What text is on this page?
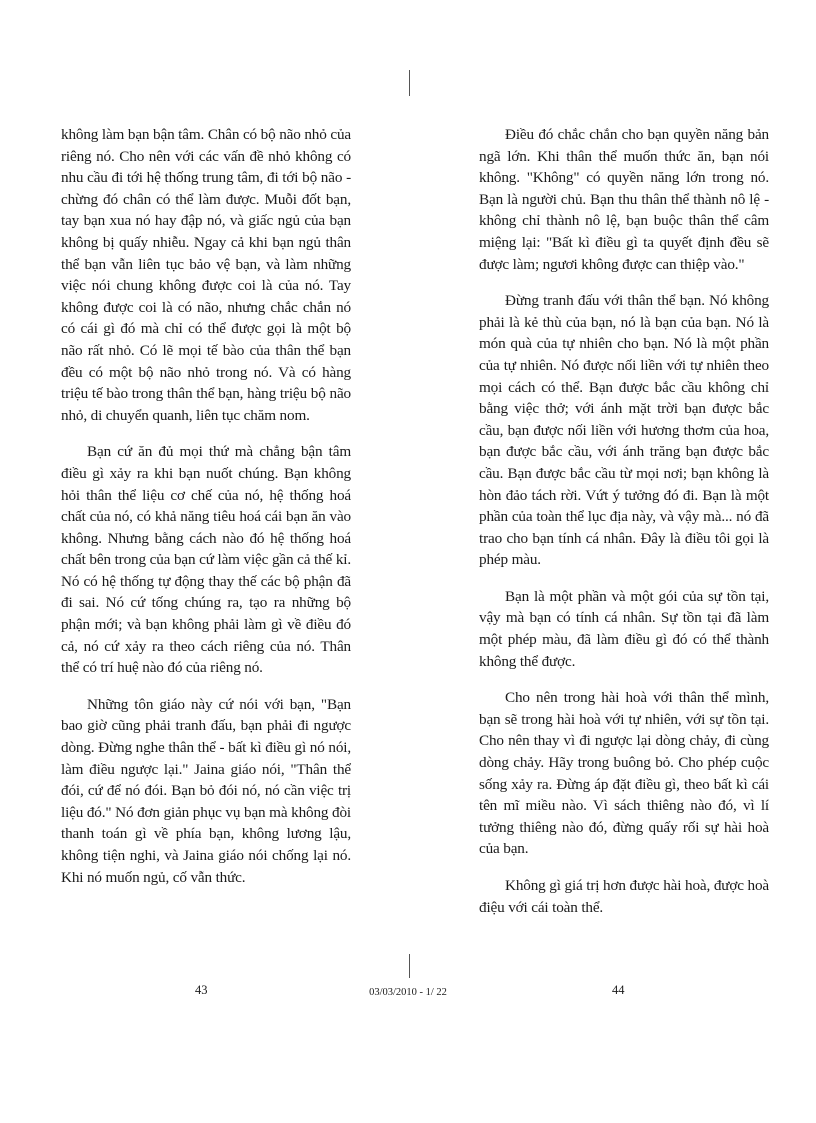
không làm bạn bận tâm. Chân có bộ não nhỏ của riêng nó. Cho nên với các vấn đề nhỏ không có nhu cầu đi tới hệ thống trung tâm, đi tới bộ não - chừng đó chân có thể làm được. Muỗi đốt bạn, tay bạn xua nó hay đập nó, và giấc ngủ của bạn không bị quấy nhiễu. Ngay cả khi bạn ngủ thân thể bạn vẫn liên tục bảo vệ bạn, và làm những việc nói chung không được coi là của nó. Tay không được coi là có não, nhưng chắc chắn nó có cái gì đó mà chỉ có thể được gọi là một bộ não rất nhỏ. Có lẽ mọi tế bào của thân thể bạn đều có một bộ não nhỏ trong nó. Và có hàng triệu tế bào trong thân thể bạn, hàng triệu bộ não nhỏ, di chuyển quanh, liên tục chăm nom.

Bạn cứ ăn đủ mọi thứ mà chẳng bận tâm điều gì xảy ra khi bạn nuốt chúng. Bạn không hỏi thân thể liệu cơ chế của nó, hệ thống hoá chất của nó, có khả năng tiêu hoá cái bạn ăn vào không. Nhưng bằng cách nào đó hệ thống hoá chất bên trong của bạn cứ làm việc gần cả thế kỉ. Nó có hệ thống tự động thay thế các bộ phận đã đi sai. Nó cứ tống chúng ra, tạo ra những bộ phận mới; và bạn không phải làm gì về điều đó cả, nó cứ xảy ra theo cách riêng của nó. Thân thể có trí huệ nào đó của riêng nó.

Những tôn giáo này cứ nói với bạn, "Bạn bao giờ cũng phải tranh đấu, bạn phải đi ngược dòng. Đừng nghe thân thể - bất kì điều gì nó nói, làm điều ngược lại." Jaina giáo nói, "Thân thể đói, cứ để nó đói. Bạn bỏ đói nó, nó cần việc trị liệu đó." Nó đơn giản phục vụ bạn mà không đòi thanh toán gì về phía bạn, không lương lậu, không tiện nghi, và Jaina giáo nói chống lại nó. Khi nó muốn ngủ, cố vẫn thức.

Điều đó chắc chắn cho bạn quyền năng bản ngã lớn. Khi thân thể muốn thức ăn, bạn nói không. "Không" có quyền năng lớn trong nó. Bạn là người chủ. Bạn thu thân thể thành nô lệ - không chỉ thành nô lệ, bạn buộc thân thể câm miệng lại: "Bất kì điều gì ta quyết định đều sẽ được làm; ngươi không được can thiệp vào."

Đừng tranh đấu với thân thể bạn. Nó không phải là kẻ thù của bạn, nó là bạn của bạn. Nó là món quà của tự nhiên cho bạn. Nó là một phần của tự nhiên. Nó được nối liền với tự nhiên theo mọi cách có thể. Bạn được bắc cầu không chỉ bằng việc thở; với ánh mặt trời bạn được bắc cầu, bạn được nối liền với hương thơm của hoa, bạn được bắc cầu, với ánh trăng bạn được bắc cầu. Bạn được bắc cầu từ mọi nơi; bạn không là hòn đảo tách rời. Vứt ý tưởng đó đi. Bạn là một phần của toàn thể lục địa này, và vậy mà... nó đã trao cho bạn tính cá nhân. Đây là điều tôi gọi là phép màu.

Bạn là một phần và một gói của sự tồn tại, vậy mà bạn có tính cá nhân. Sự tồn tại đã làm một phép màu, đã làm điều gì đó có thể thành không thể được.

Cho nên trong hài hoà với thân thể mình, bạn sẽ trong hài hoà với tự nhiên, với sự tồn tại. Cho nên thay vì đi ngược lại dòng chảy, đi cùng dòng chảy. Hãy trong buông bỏ. Cho phép cuộc sống xảy ra. Đừng áp đặt điều gì, theo bất kì cái tên mĩ miều nào. Vì sách thiêng nào đó, vì lí tưởng thiêng nào đó, đừng quấy rối sự hài hoà của bạn.

Không gì giá trị hơn được hài hoà, được hoà điệu với cái toàn thể.

43	03/03/2010 - 1/ 22	44
